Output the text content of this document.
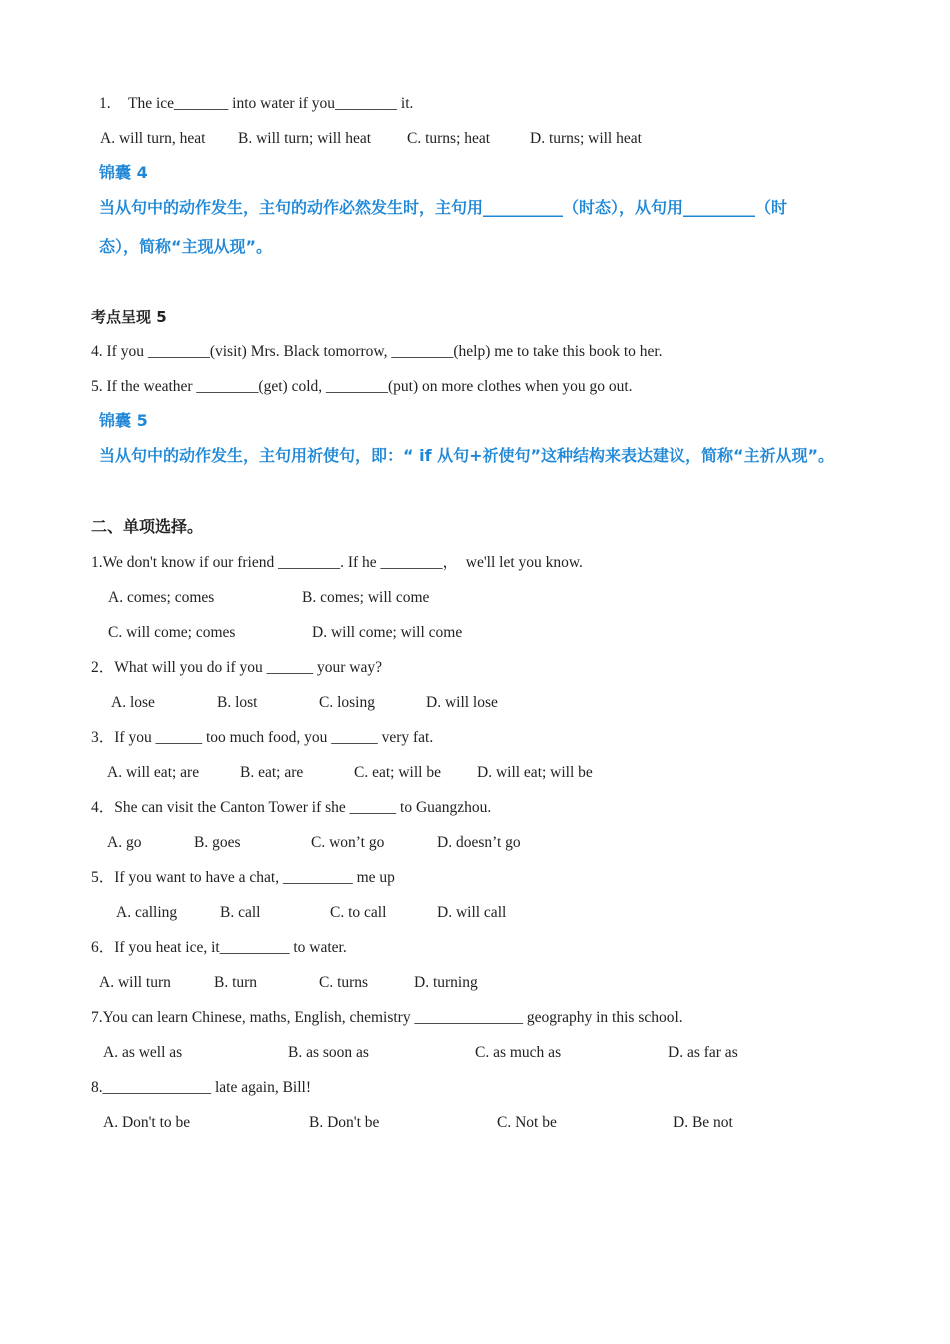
1. The ice_______ into water if you________ it.
A. will turn, heat B. will turn; will heat C. turns; heat	D. turns; will heat
锦囊 4
当从句中的动作发生，主句的动作必然发生时，主句用__________（时态），从句用_________（时
态），简称“主现从现”。
考点呈现 5
4. If you ________(visit) Mrs. Black tomorrow, ________(help) me to take this book to her.
5. If the weather ________(get) cold, ________(put) on more clothes when you go out.
锦囊 5
当从句中的动作发生，主句用祈使句，即：“ if 从句+祈使句”这种结构来表达建议，简称“主祈从现”。
二、单项选择。
1.We don't know if our friend ________. If he ________，  we'll let you know.
A. comes; comes	B. comes; will come
C. will come; comes	D. will come; will come
2．What will you do if you ______ your way?
A. lose	B. lost	C. losing	D. will lose
3．If you ______ too much food, you ______ very fat.
A. will eat; are	B. eat; are	C. eat; will be D. will eat; will be
4．She can visit the Canton Tower if she ______ to Guangzhou.
A. go	B. goes	C. won’t go	D. doesn’t go
5．If you want to have a chat, _________ me up
A. calling	B. call	C. to call	D. will call
6．If you heat ice, it_________ to water.
A. will turn	B. turn	C. turns	D. turning
7.You can learn Chinese, maths, English, chemistry ______________ geography in this school.
A. as well as	B. as soon as	C. as much as	D. as far as
8.______________ late again, Bill!
A. Don't to be	B. Don't be	C. Not be	D. Be not
